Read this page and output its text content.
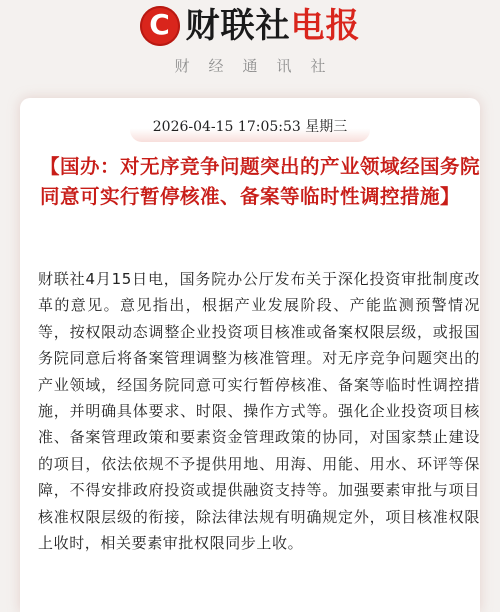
C 财联社 电报
财经通讯社
2026-04-15 17:05:53 星期三
【国办：对无序竞争问题突出的产业领域经国务院同意可实行暂停核准、备案等临时性调控措施】
财联社4月15日电，国务院办公厅发布关于深化投资审批制度改革的意见。意见指出，根据产业发展阶段、产能监测预警情况等，按权限动态调整企业投资项目核准或备案权限层级，或报国务院同意后将备案管理调整为核准管理。对无序竞争问题突出的产业领域，经国务院同意可实行暂停核准、备案等临时性调控措施，并明确具体要求、时限、操作方式等。强化企业投资项目核准、备案管理政策和要素资金管理政策的协同，对国家禁止建设的项目，依法依规不予提供用地、用海、用能、用水、环评等保障，不得安排政府投资或提供融资支持等。加强要素审批与项目核准权限层级的衔接，除法律法规有明确规定外，项目核准权限上收时，相关要素审批权限同步上收。
